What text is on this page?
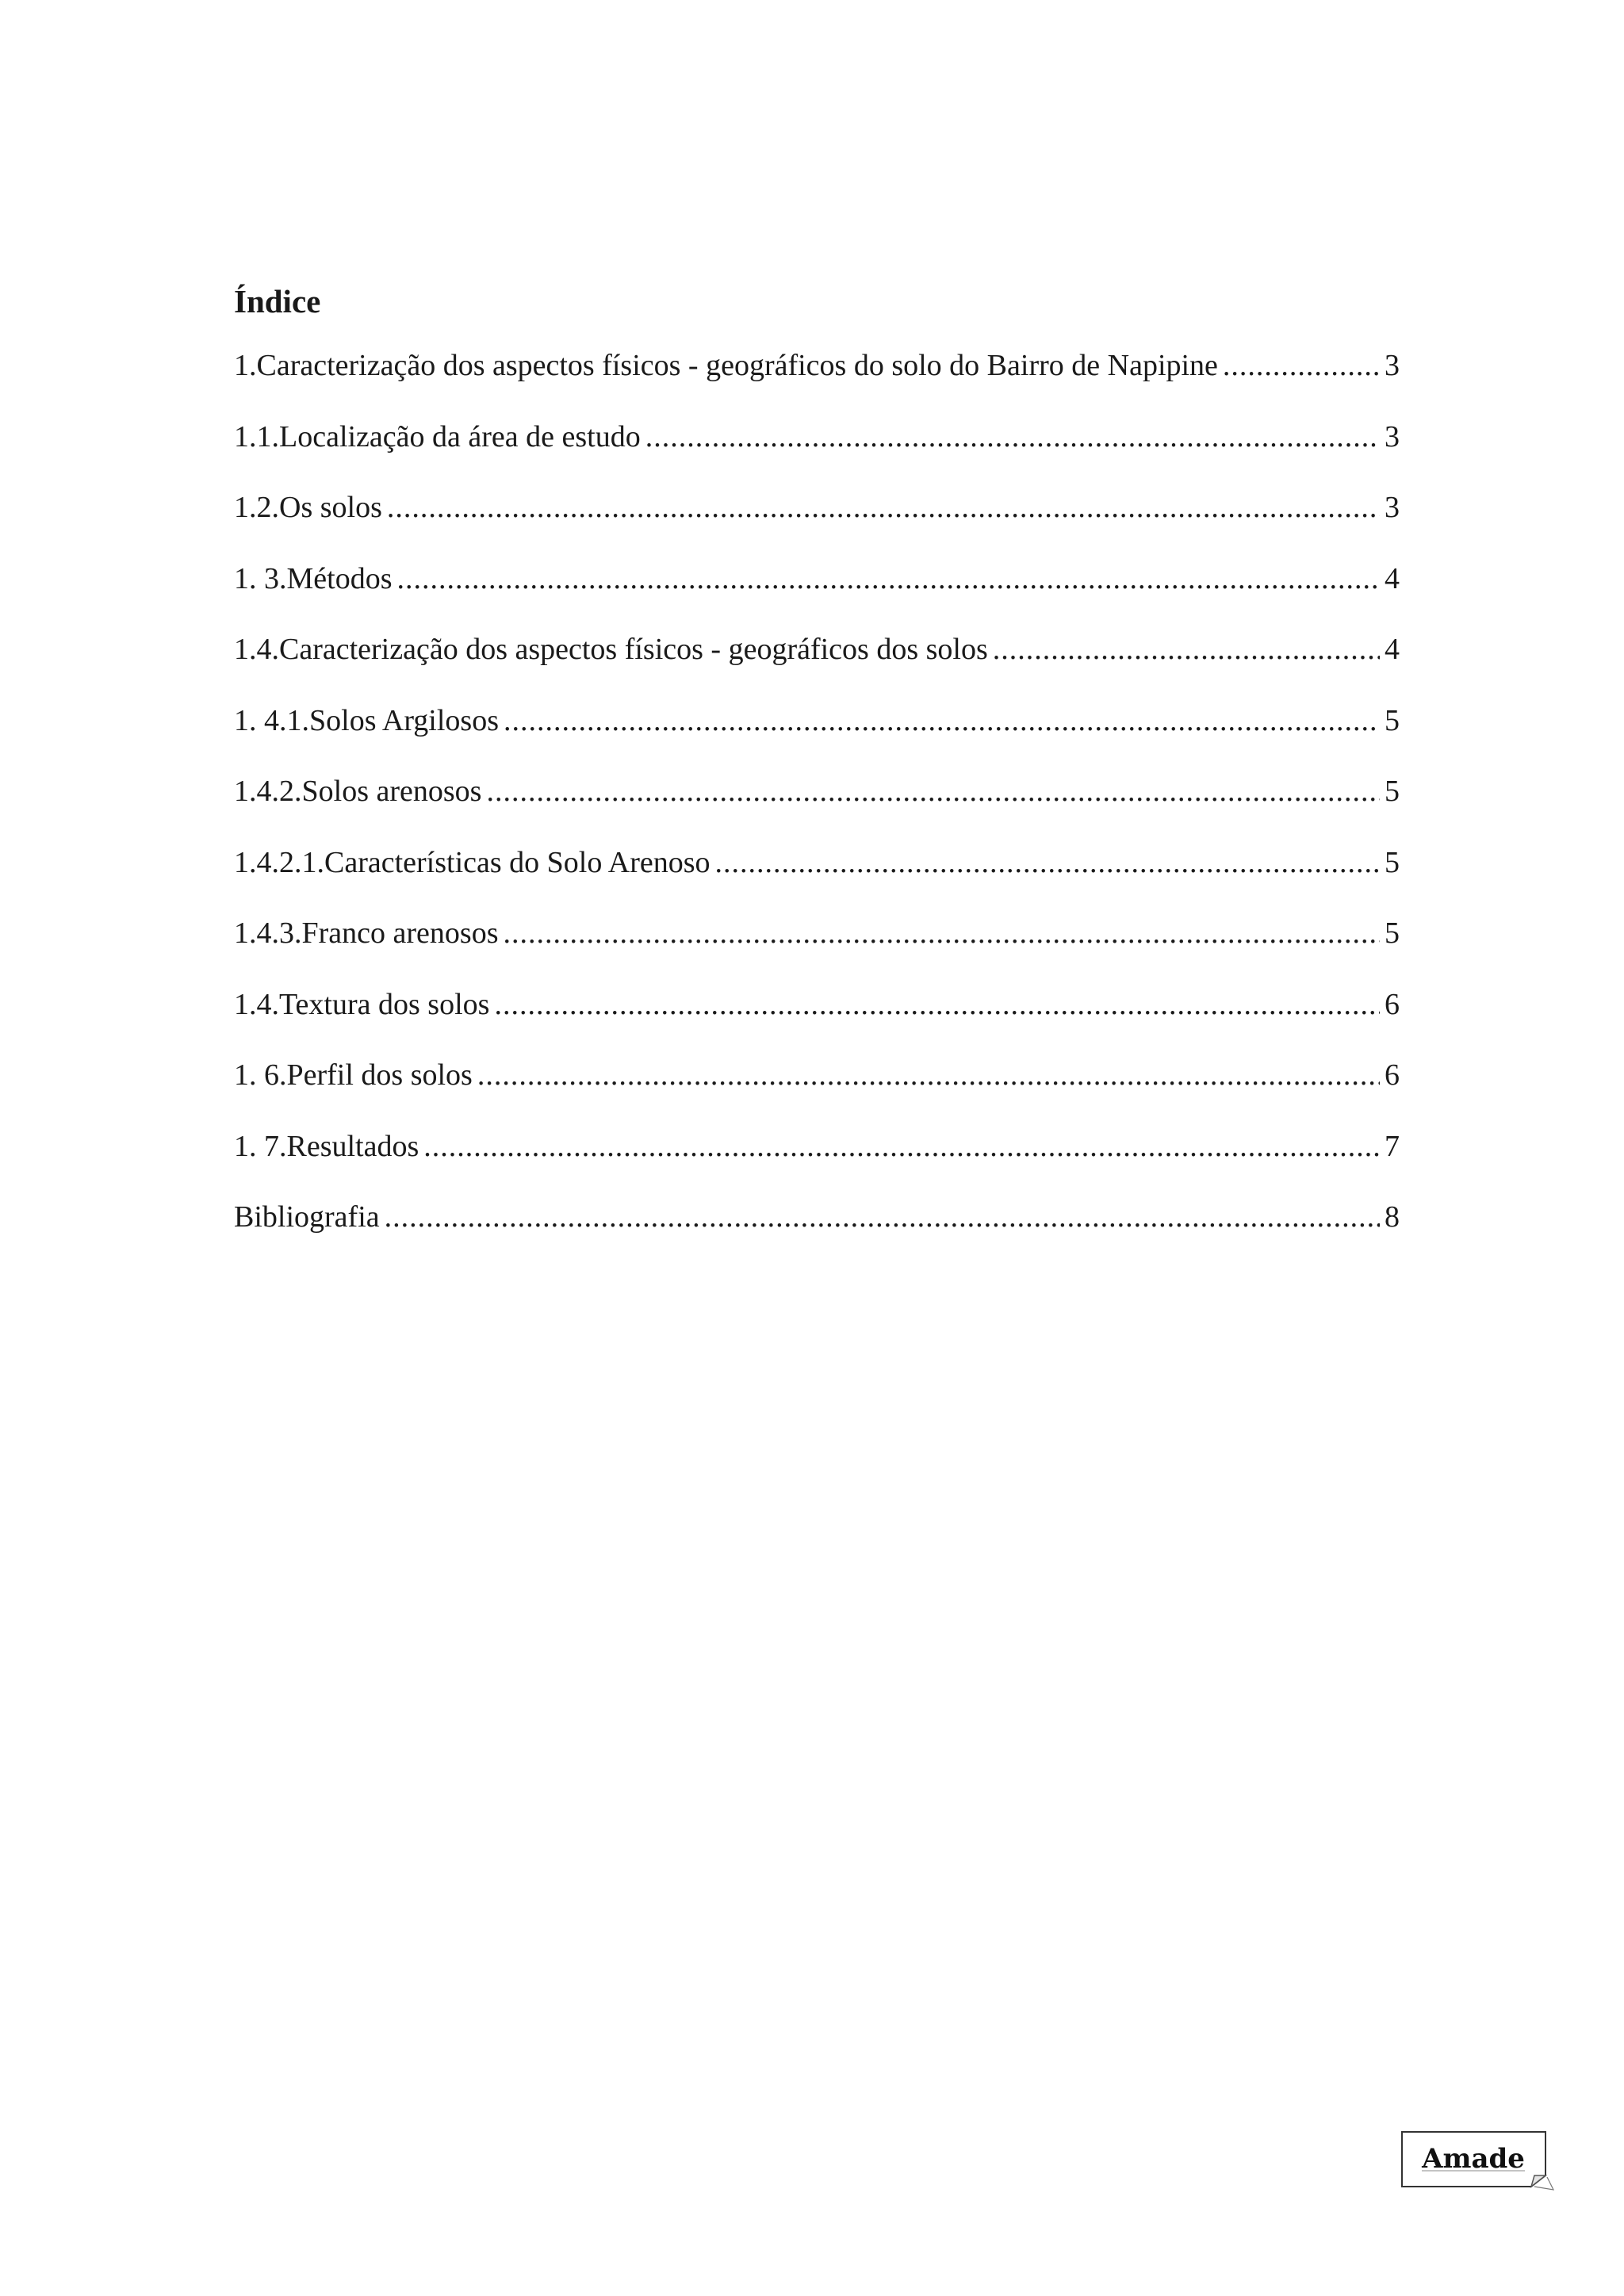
Índice
1.Caracterização dos aspectos físicos - geográficos do solo do Bairro de Napipine .....	3
1.1.Localização da área de estudo .....	3
1.2.Os solos .....	3
1. 3.Métodos .....	4
1.4.Caracterização dos aspectos físicos - geográficos dos solos .....	4
1. 4.1.Solos Argilosos .....	5
1.4.2.Solos arenosos .....	5
1.4.2.1.Características do Solo Arenoso .....	5
1.4.3.Franco arenosos .....	5
1.4.Textura dos solos .....	6
1. 6.Perfil dos solos .....	6
1. 7.Resultados .....	7
Bibliografia .....	8
Amade
